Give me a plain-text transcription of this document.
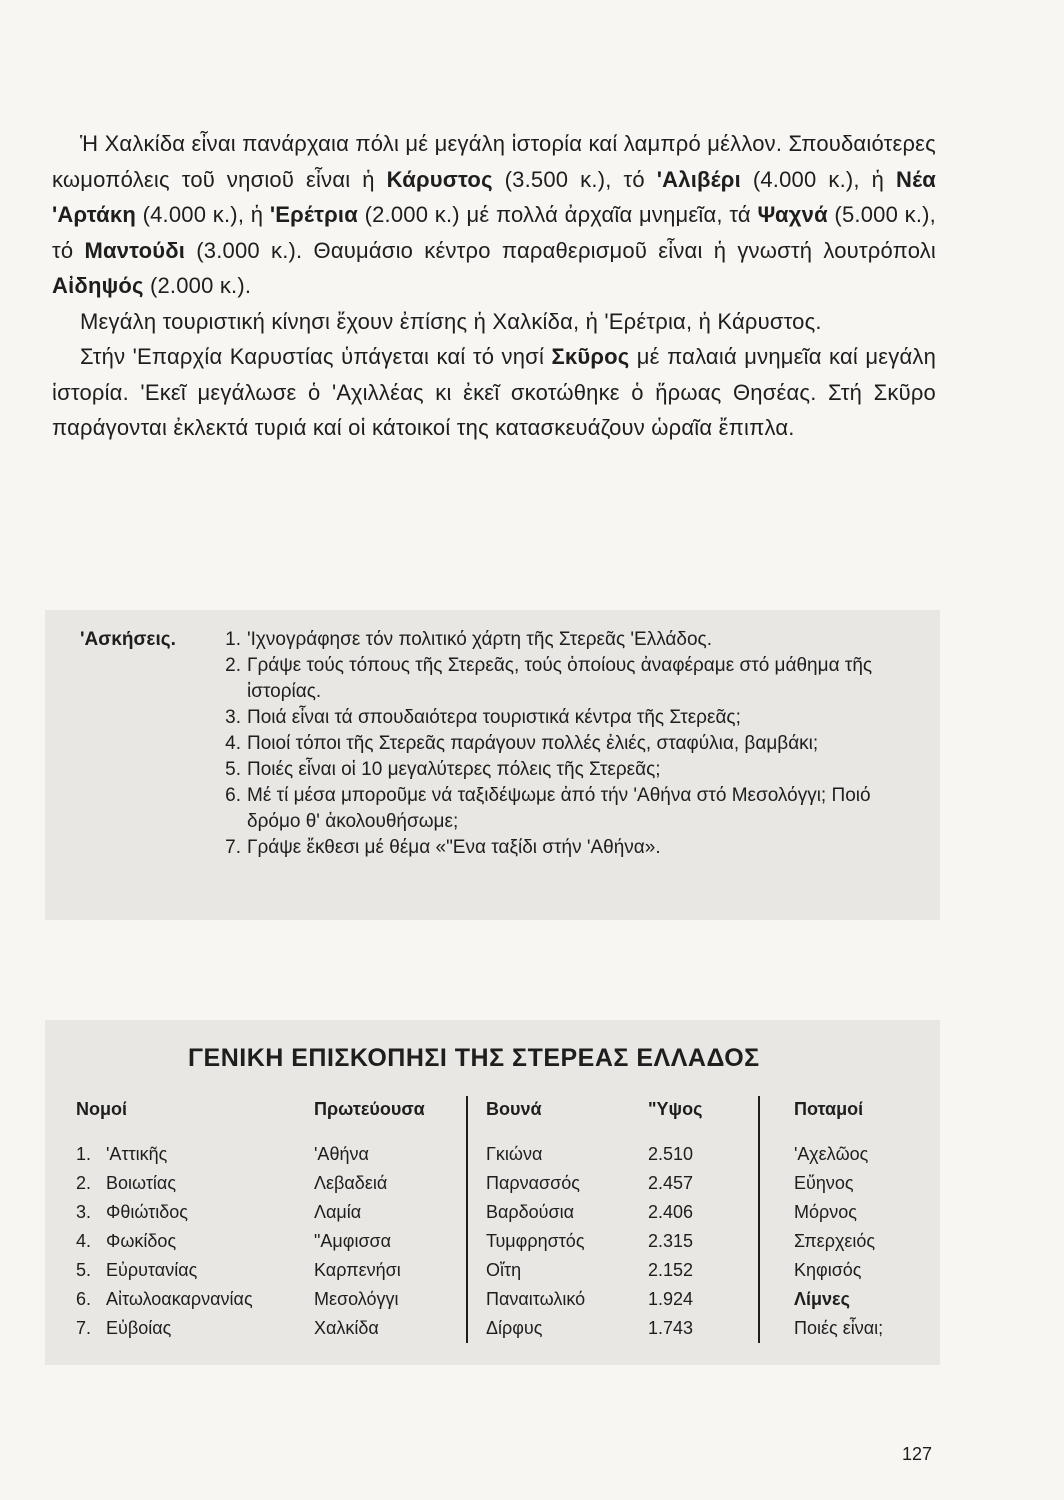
Ἡ Χαλκίδα εἶναι πανάρχαια πόλι μέ μεγάλη ἱστορία καί λαμπρό μέλλον. Σπουδαιότερες κωμοπόλεις τοῦ νησιοῦ εἶναι ἡ Κάρυστος (3.500 κ.), τό 'Αλιβέρι (4.000 κ.), ἡ Νέα 'Αρτάκη (4.000 κ.), ἡ 'Ερέτρια (2.000 κ.) μέ πολλά ἀρχαῖα μνημεῖα, τά Ψαχνά (5.000 κ.), τό Μαντούδι (3.000 κ.). Θαυμάσιο κέντρο παραθερισμοῦ εἶναι ἡ γνωστή λουτρόπολι Αἰδηψός (2.000 κ.).

Μεγάλη τουριστική κίνησι ἔχουν ἐπίσης ἡ Χαλκίδα, ἡ 'Ερέτρια, ἡ Κάρυστος.

Στήν 'Επαρχία Καρυστίας ὑπάγεται καί τό νησί Σκῦρος μέ παλαιά μνημεῖα καί μεγάλη ἱστορία. 'Εκεῖ μεγάλωσε ὁ 'Αχιλλέας κι ἐκεῖ σκοτώθηκε ὁ ἥρωας Θησέας. Στή Σκῦρο παράγονται ἐκλεκτά τυριά καί οἱ κάτοικοί της κατασκευάζουν ὡραῖα ἔπιπλα.

'Ασκήσεις.	1. 'Ιχνογράφησε τόν πολιτικό χάρτη τῆς Στερεᾶς 'Ελλάδος.
2. Γράψε τούς τόπους τῆς Στερεᾶς, τούς ὁποίους ἀναφέραμε στό μάθημα τῆς ἱστορίας.
3. Ποιά εἶναι τά σπουδαιότερα τουριστικά κέντρα τῆς Στερεᾶς;
4. Ποιοί τόποι τῆς Στερεᾶς παράγουν πολλές ἐλιές, σταφύλια, βαμβάκι;
5. Ποιές εἶναι οἱ 10 μεγαλύτερες πόλεις τῆς Στερεᾶς;
6. Μέ τί μέσα μποροῦμε νά ταξιδέψωμε ἀπό τήν 'Αθήνα στό Μεσολόγγι; Ποιό δρόμο θ' ἀκολουθήσωμε;
7. Γράψε ἔκθεσι μέ θέμα «"Ενα ταξίδι στήν 'Αθήνα».
ΓΕΝΙΚΗ ΕΠΙΣΚΟΠΗΣΙ ΤΗΣ ΣΤΕΡΕΑΣ ΕΛΛΑΔΟΣ
Νομοί	Πρωτεύουσα	Βουνά	"Υψος	Ποταμοί
1. 'Αττικῆς	'Αθήνα	Γκιώνα	2.510	'Αχελῶος
2. Βοιωτίας	Λεβαδειά	Παρνασσός	2.457	Εὔηνος
3. Φθιώτιδος	Λαμία	Βαρδούσια	2.406	Μόρνος
4. Φωκίδος	"Αμφισσα	Τυμφρηστός	2.315	Σπερχειός
5. Εὐρυτανίας	Καρπενήσι	Οἴτη	2.152	Κηφισός
6. Αἰτωλοακαρνανίας	Μεσολόγγι	Παναιτωλικό	1.924	Λίμνες
7. Εὐβοίας	Χαλκίδα	Δίρφυς	1.743	Ποιές εἶναι;
127
